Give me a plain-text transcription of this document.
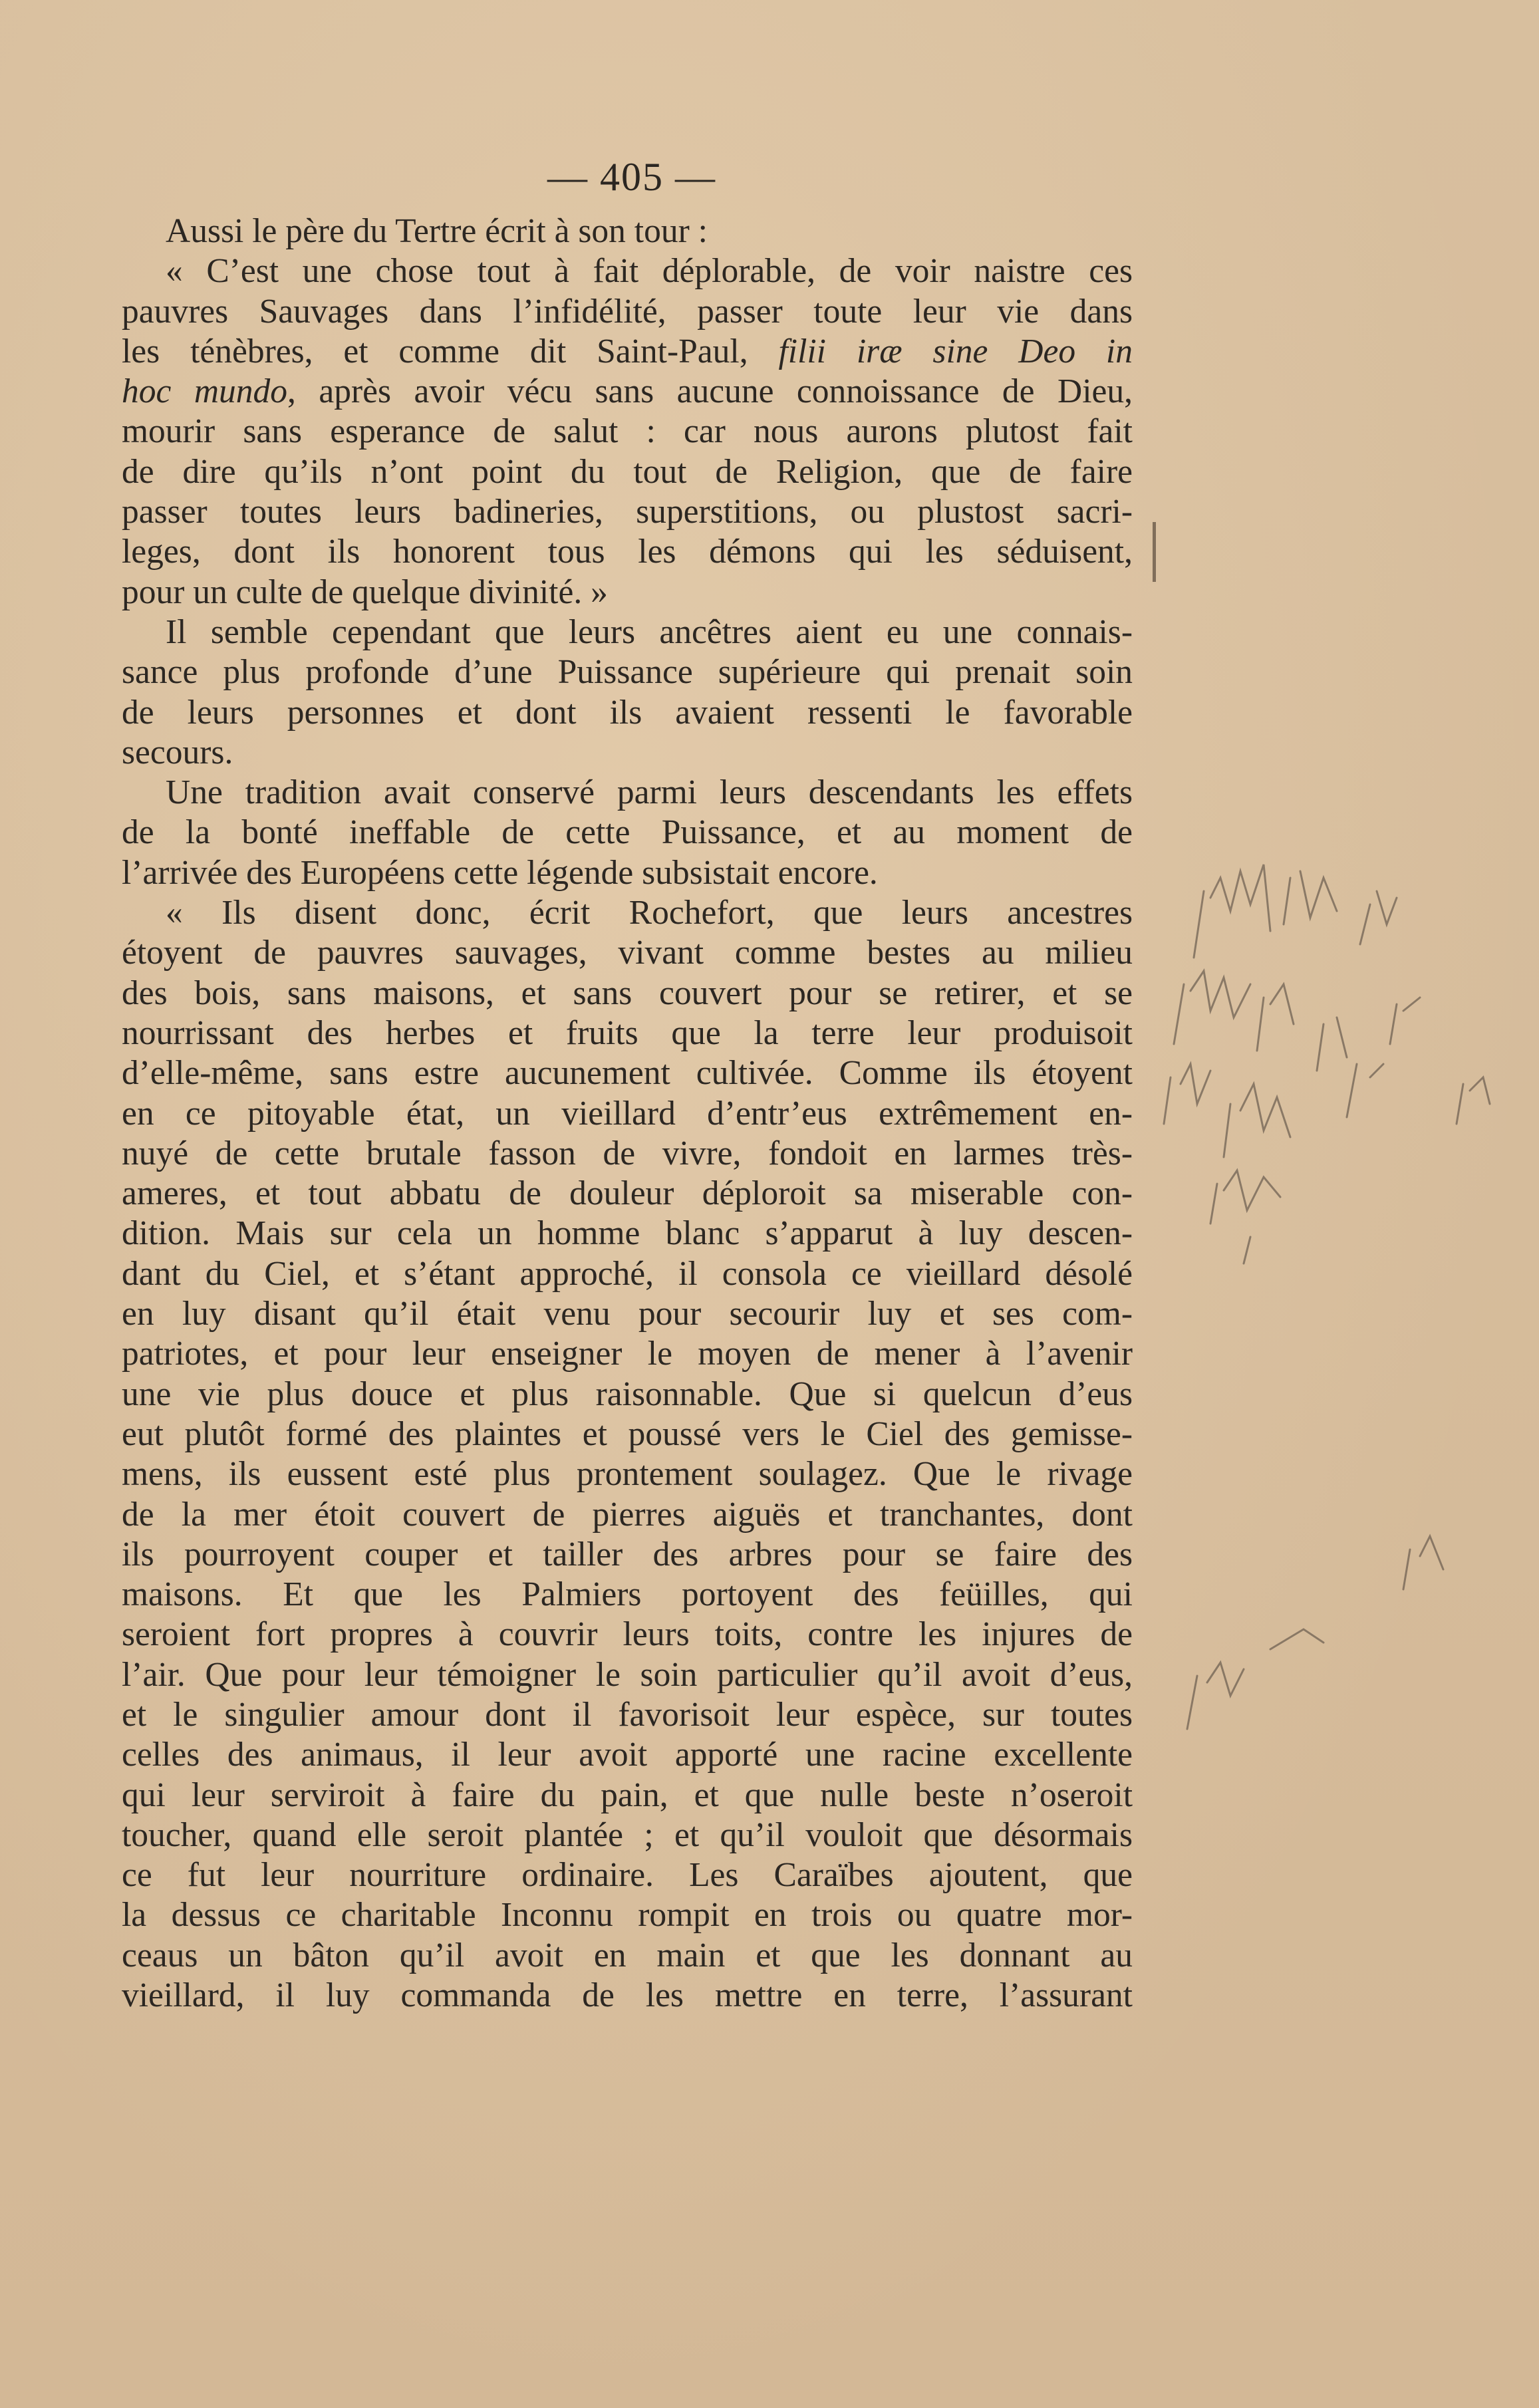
— 405 —
Aussi le père du Tertre écrit à son tour :
« C’est une chose tout à fait déplorable, de voir naistre ces
pauvres Sauvages dans l’infidélité, passer toute leur vie dans
les ténèbres, et comme dit Saint-Paul, filii iræ sine Deo in
hoc mundo, après avoir vécu sans aucune connoissance de Dieu,
mourir sans esperance de salut : car nous aurons plutost fait
de dire qu’ils n’ont point du tout de Religion, que de faire
passer toutes leurs badineries, superstitions, ou plustost sacri-
leges, dont ils honorent tous les démons qui les séduisent,
pour un culte de quelque divinité. »
Il semble cependant que leurs ancêtres aient eu une connais-
sance plus profonde d’une Puissance supérieure qui prenait soin
de leurs personnes et dont ils avaient ressenti le favorable
secours.
Une tradition avait conservé parmi leurs descendants les effets
de la bonté ineffable de cette Puissance, et au moment de
l’arrivée des Européens cette légende subsistait encore.
« Ils disent donc, écrit Rochefort, que leurs ancestres
étoyent de pauvres sauvages, vivant comme bestes au milieu
des bois, sans maisons, et sans couvert pour se retirer, et se
nourrissant des herbes et fruits que la terre leur produisoit
d’elle-même, sans estre aucunement cultivée. Comme ils étoyent
en ce pitoyable état, un vieillard d’entr’eus extrêmement en-
nuyé de cette brutale fasson de vivre, fondoit en larmes très-
ameres, et tout abbatu de douleur déploroit sa miserable con-
dition. Mais sur cela un homme blanc s’apparut à luy descen-
dant du Ciel, et s’étant approché, il consola ce vieillard désolé
en luy disant qu’il était venu pour secourir luy et ses com-
patriotes, et pour leur enseigner le moyen de mener à l’avenir
une vie plus douce et plus raisonnable. Que si quelcun d’eus
eut plutôt formé des plaintes et poussé vers le Ciel des gemisse-
mens, ils eussent esté plus prontement soulagez. Que le rivage
de la mer étoit couvert de pierres aiguës et tranchantes, dont
ils pourroyent couper et tailler des arbres pour se faire des
maisons. Et que les Palmiers portoyent des feüilles, qui
seroient fort propres à couvrir leurs toits, contre les injures de
l’air. Que pour leur témoigner le soin particulier qu’il avoit d’eus,
et le singulier amour dont il favorisoit leur espèce, sur toutes
celles des animaus, il leur avoit apporté une racine excellente
qui leur serviroit à faire du pain, et que nulle beste n’oseroit
toucher, quand elle seroit plantée ; et qu’il vouloit que désormais
ce fut leur nourriture ordinaire. Les Caraïbes ajoutent, que
la dessus ce charitable Inconnu rompit en trois ou quatre mor-
ceaus un bâton qu’il avoit en main et que les donnant au
vieillard, il luy commanda de les mettre en terre, l’assurant
